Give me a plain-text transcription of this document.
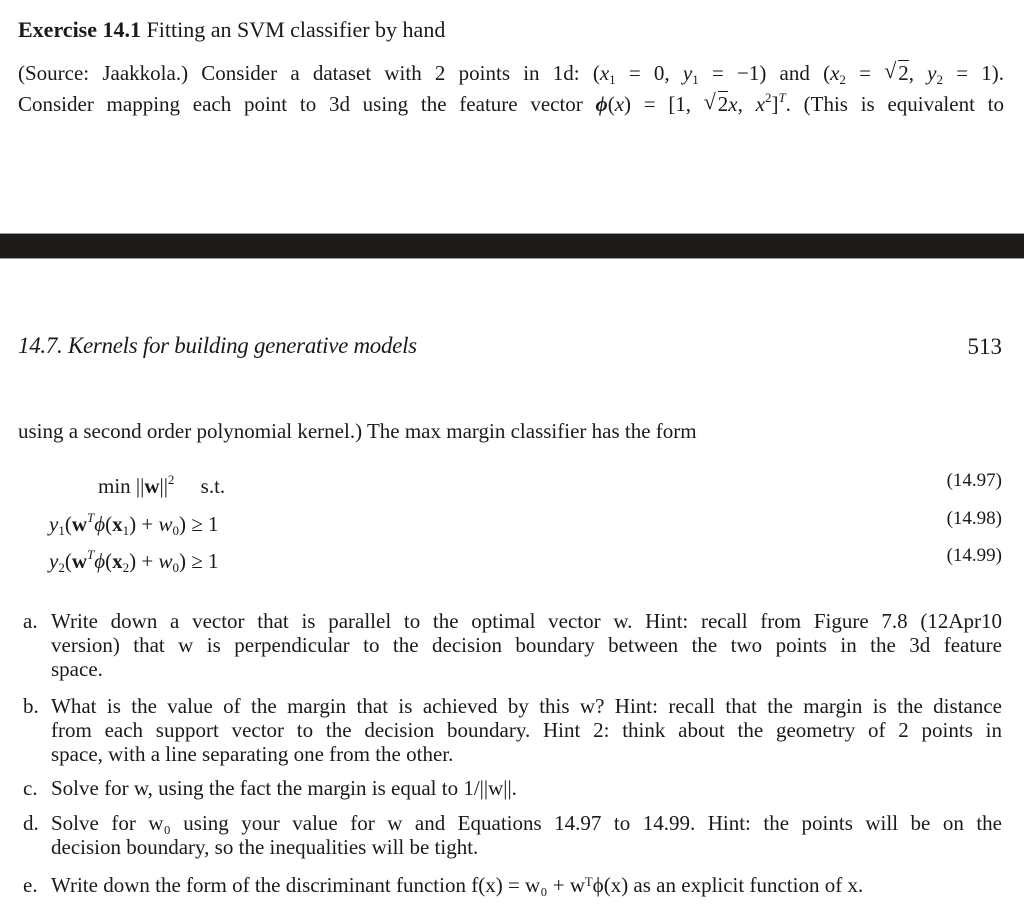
Exercise 14.1 Fitting an SVM classifier by hand
(Source: Jaakkola.) Consider a dataset with 2 points in 1d: ($x_1 = 0$, $y_1 = -1$) and ($x_2$ = √ 2, $y_2 = 1$).
Consider mapping each point to 3d using the feature vector ϕ(x) = [1, √ 2x, $x^2]^T$. (This is equivalent to
14.7. Kernels for building generative models	513
using a second order polynomial kernel.) The max margin classifier has the form
$\min ||w||^2$     s.t.	(14.97)
$y_1(w^T\phi(x_1) + w_0) \ge 1$	(14.98)
$y_2(w^T\phi(x_2) + w_0) \ge 1$	(14.99)
a. Write down a vector that is parallel to the optimal vector w. Hint: recall from Figure 7.8 (12Apr10
version) that w is perpendicular to the decision boundary between the two points in the 3d feature
space.
b. What is the value of the margin that is achieved by this w? Hint: recall that the margin is the distance
from each support vector to the decision boundary. Hint 2: think about the geometry of 2 points in
space, with a line separating one from the other.
c. Solve for w, using the fact the margin is equal to 1/||w||.
d. Solve for w₀ using your value for w and Equations 14.97 to 14.99. Hint: the points will be on the
decision boundary, so the inequalities will be tight.
e. Write down the form of the discriminant function f(x) = w₀ + wᵀϕ(x) as an explicit function of x.
